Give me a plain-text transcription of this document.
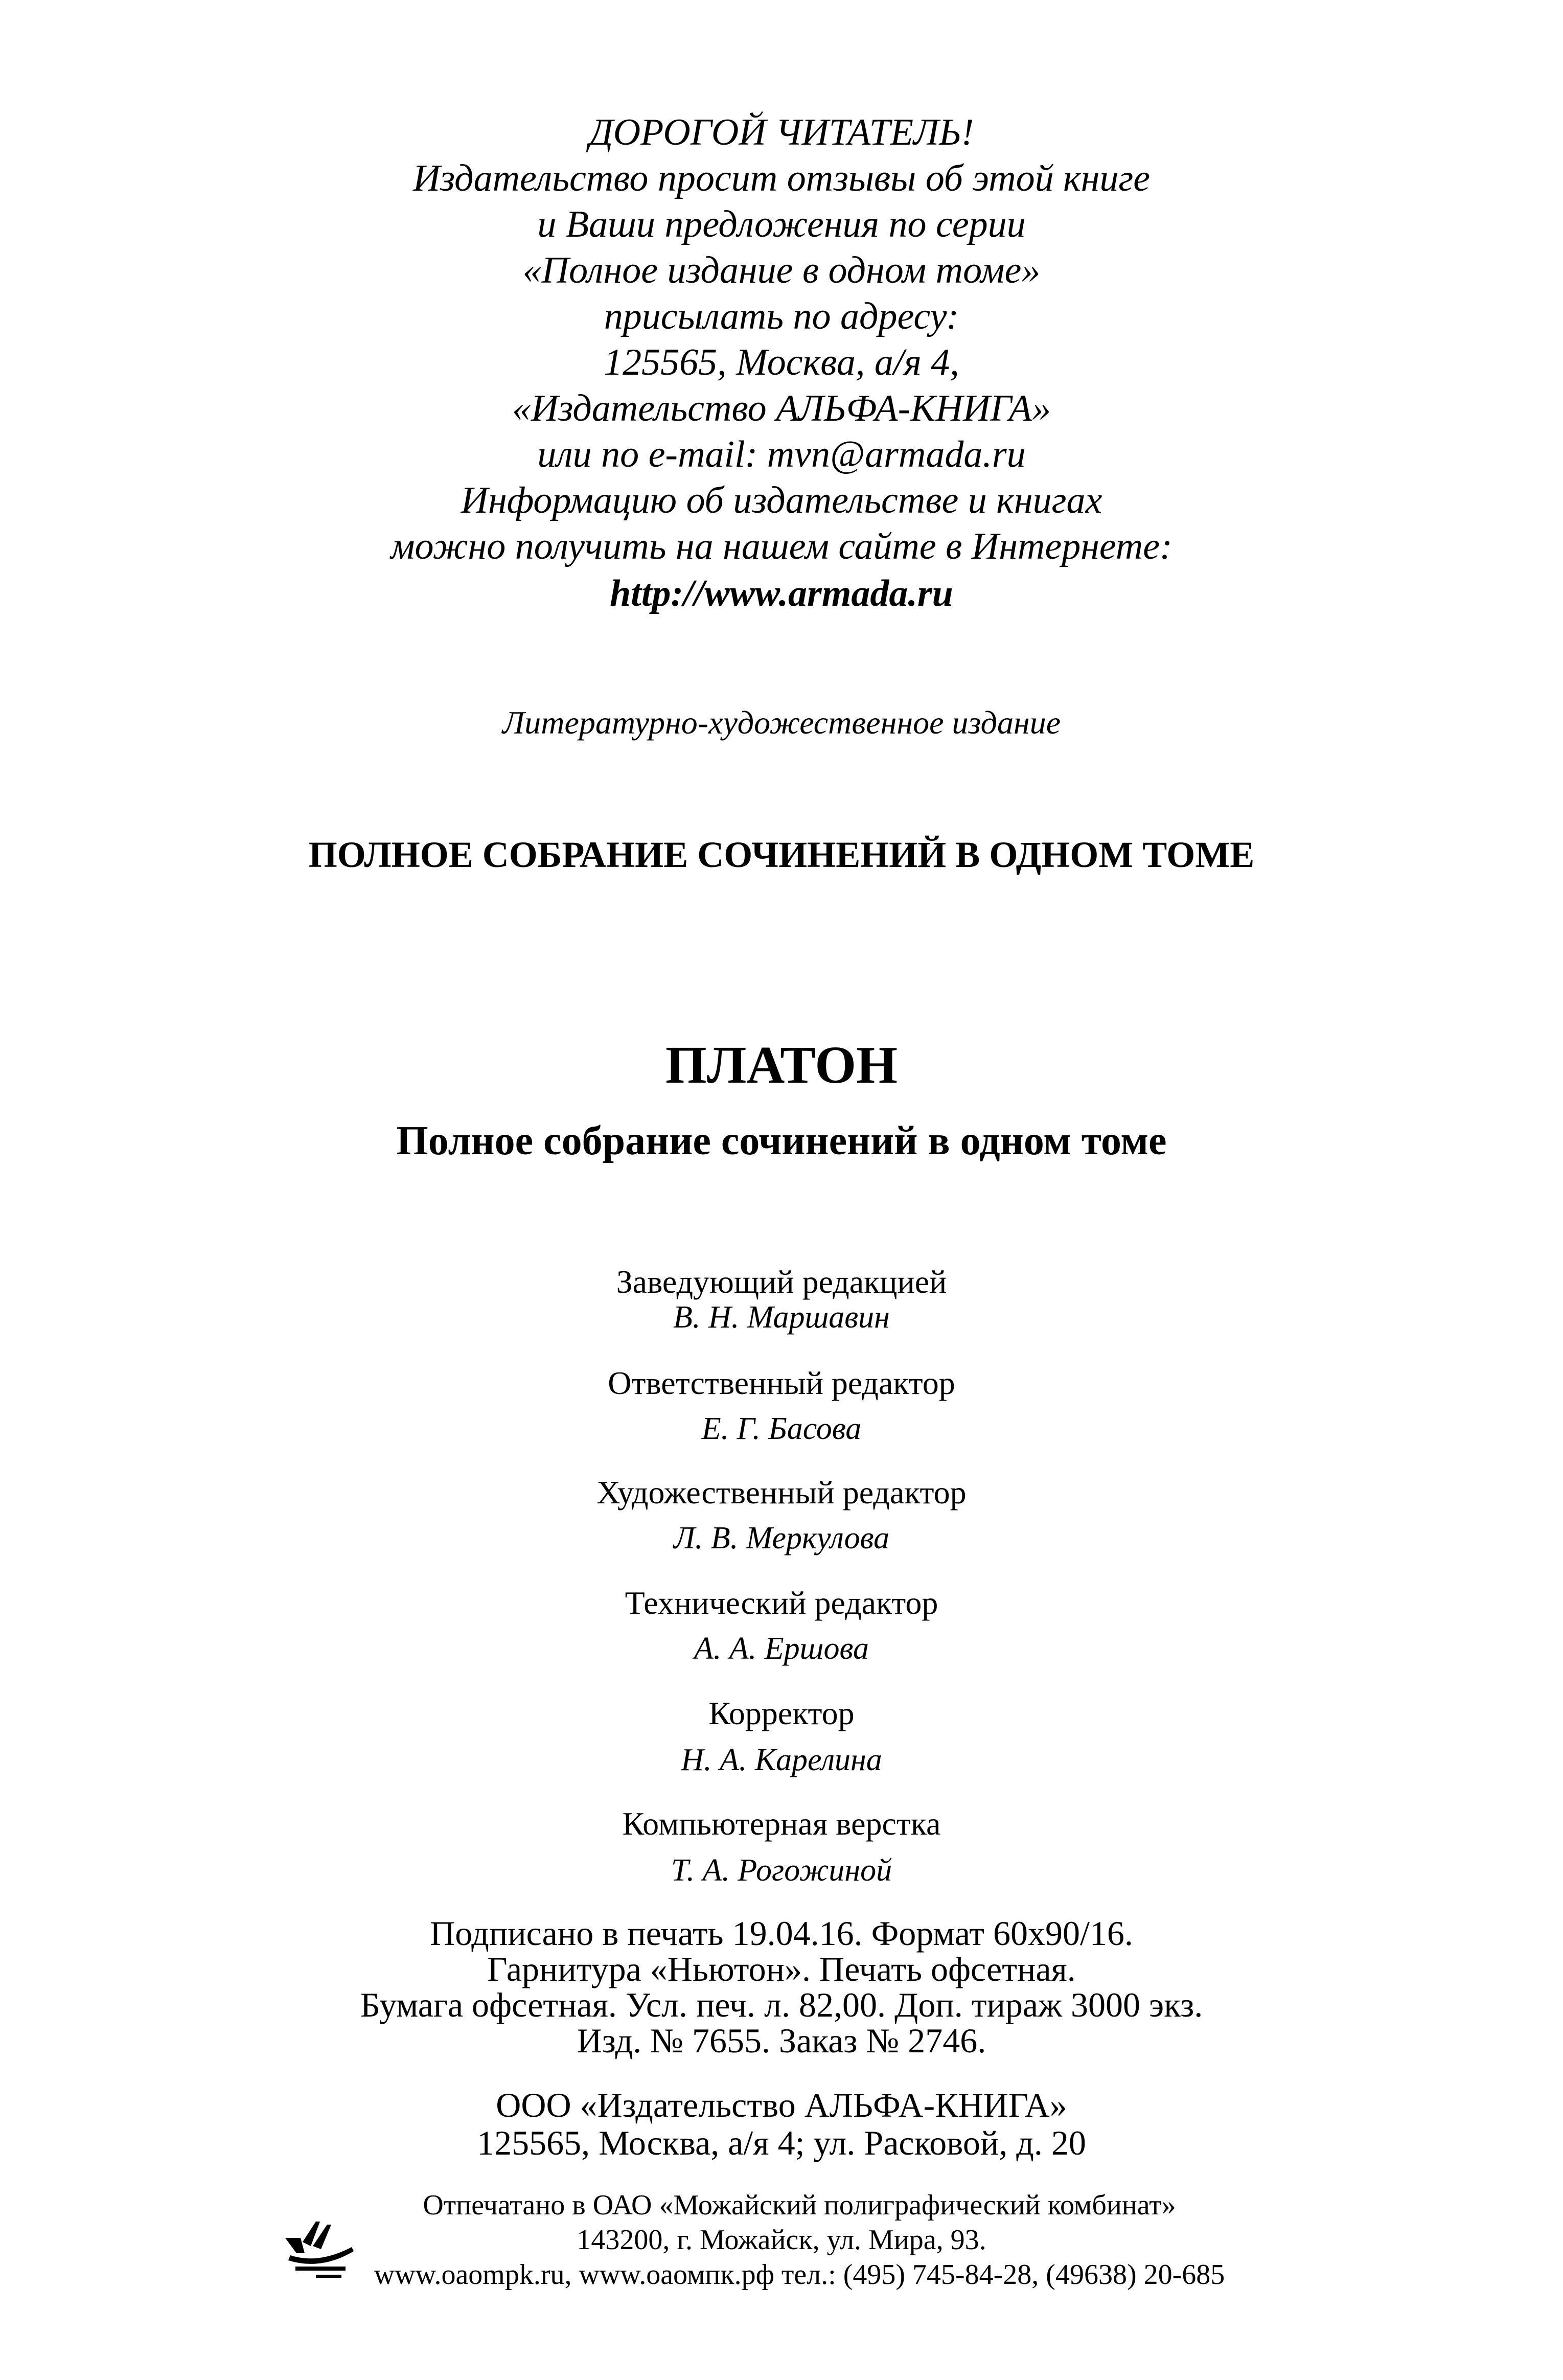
ДОРОГОЙ ЧИТАТЕЛЬ!
Издательство просит отзывы об этой книге
и Ваши предложения по серии
«Полное издание в одном томе»
присылать по адресу:
125565, Москва, а/я 4,
«Издательство АЛЬФА-КНИГА»
или по e-mail: mvn@armada.ru
Информацию об издательстве и книгах
можно получить на нашем сайте в Интернете:
http://www.armada.ru
Литературно-художественное издание
ПОЛНОЕ СОБРАНИЕ СОЧИНЕНИЙ В ОДНОМ ТОМЕ
ПЛАТОН
Полное собрание сочинений в одном томе
Заведующий редакцией
В. Н. Маршавин
Ответственный редактор
Е. Г. Басова
Художественный редактор
Л. В. Меркулова
Технический редактор
А. А. Ершова
Корректор
Н. А. Карелина
Компьютерная верстка
Т. А. Рогожиной
Подписано в печать 19.04.16. Формат 60x90/16.
Гарнитура «Ньютон». Печать офсетная.
Бумага офсетная. Усл. печ. л. 82,00. Доп. тираж 3000 экз.
Изд. № 7655. Заказ № 2746.
ООО «Издательство АЛЬФА-КНИГА»
125565, Москва, а/я 4; ул. Расковой, д. 20
Отпечатано в ОАО «Можайский полиграфический комбинат»
143200, г. Можайск, ул. Мира, 93.
www.oaompk.ru, www.оаомпк.рф тел.: (495) 745-84-28, (49638) 20-685
